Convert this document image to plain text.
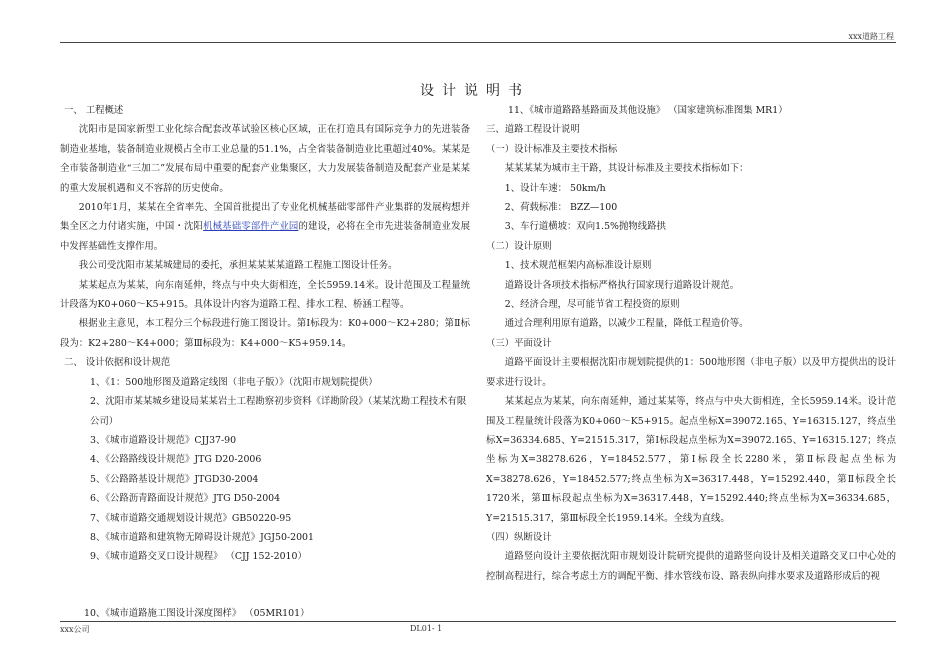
xxx道路工程
设计说明书

一、 工程概述

沈阳市是国家新型工业化综合配套改革试验区核心区域，正在打造具有国际竞争力的先进装备制造业基地，装备制造业规模占全市工业总量的51.1%，占全省装备制造业比重超过40%。某某是全市装备制造业“三加二”发展布局中重要的配套产业集聚区，大力发展装备制造及配套产业是某某的重大发展机遇和义不容辞的历史使命。

2010年1月，某某在全省率先、全国首批提出了专业化机械基础零部件产业集群的发展构想并集全区之力付诸实施，中国・沈阳机械基础零部件产业园的建设，必将在全市先进装备制造业发展中发挥基础性支撑作用。

我公司受沈阳市某某城建局的委托，承担某某某某道路工程施工图设计任务。

某某起点为某某，向东南延伸，终点与中央大街相连，全长5959.14米。设计范围及工程量统计段落为K0+060～K5+915。具体设计内容为道路工程、排水工程、桥涵工程等。

根据业主意见，本工程分三个标段进行施工图设计。第Ⅰ标段为：K0+000～K2+280；第Ⅱ标段为：K2+280～K4+000；第Ⅲ标段为：K4+000～K5+959.14。

二、 设计依据和设计规范

1、《1：500地形图及道路定线图（非电子版）》（沈阳市规划院提供）

2、沈阳市某某城乡建设局某某岩土工程勘察初步资料《详勘阶段》（某某沈勘工程技术有限公司）

3、《城市道路设计规范》CJJ37-90

4、《公路路线设计规范》JTG D20-2006

5、《公路路基设计规范》JTGD30-2004

6、《公路沥青路面设计规范》JTG D50-2004

7、《城市道路交通规划设计规范》GB50220-95

8、《城市道路和建筑物无障碍设计规范》JGJ50-2001

9、《城市道路交叉口设计规程》 （CJJ 152-2010）

10、《城市道路施工图设计深度图样》 （05MR101）

11、《城市道路路基路面及其他设施》 （国家建筑标准图集 MR1）

三、道路工程设计说明

（一）设计标准及主要技术指标

某某某某为城市主干路，其设计标准及主要技术指标如下：

1、设计车速： 50km/h

2、荷载标准： BZZ—100

3、车行道横坡：双向1.5%抛物线路拱

（二）设计原则

1、技术规范框架内高标准设计原则

道路设计各项技术指标严格执行国家现行道路设计规范。

2、经济合理，尽可能节省工程投资的原则

通过合理利用原有道路，以减少工程量，降低工程造价等。

（三）平面设计

道路平面设计主要根据沈阳市规划院提供的1：500地形图（非电子版）以及甲方提供出的设计要求进行设计。

某某起点为某某，向东南延伸，通过某某等，终点与中央大街相连，全长5959.14米。设计范围及工程量统计段落为K0+060～K5+915。起点坐标X=39072.165、Y=16315.127，终点坐标X=36334.685、Y=21515.317，第Ⅰ标段起点坐标为X=39072.165、Y=16315.127；终点坐标为X=38278.626，Y=18452.577，第Ⅰ标段全长2280米，第Ⅱ标段起点坐标为X=38278.626，Y=18452.577;终点坐标为X=36317.448，Y=15292.440，第Ⅱ标段全长1720米，第Ⅲ标段起点坐标为X=36317.448，Y=15292.440;终点坐标为X=36334.685，Y=21515.317，第Ⅲ标段全长1959.14米。全线为直线。

（四）纵断设计

道路竖向设计主要依据沈阳市规划设计院研究提供的道路竖向设计及相关道路交叉口中心处的控制高程进行，综合考虑土方的调配平衡、排水管线布设、路表纵向排水要求及道路形成后的视

xxx公司	DL01- 1
